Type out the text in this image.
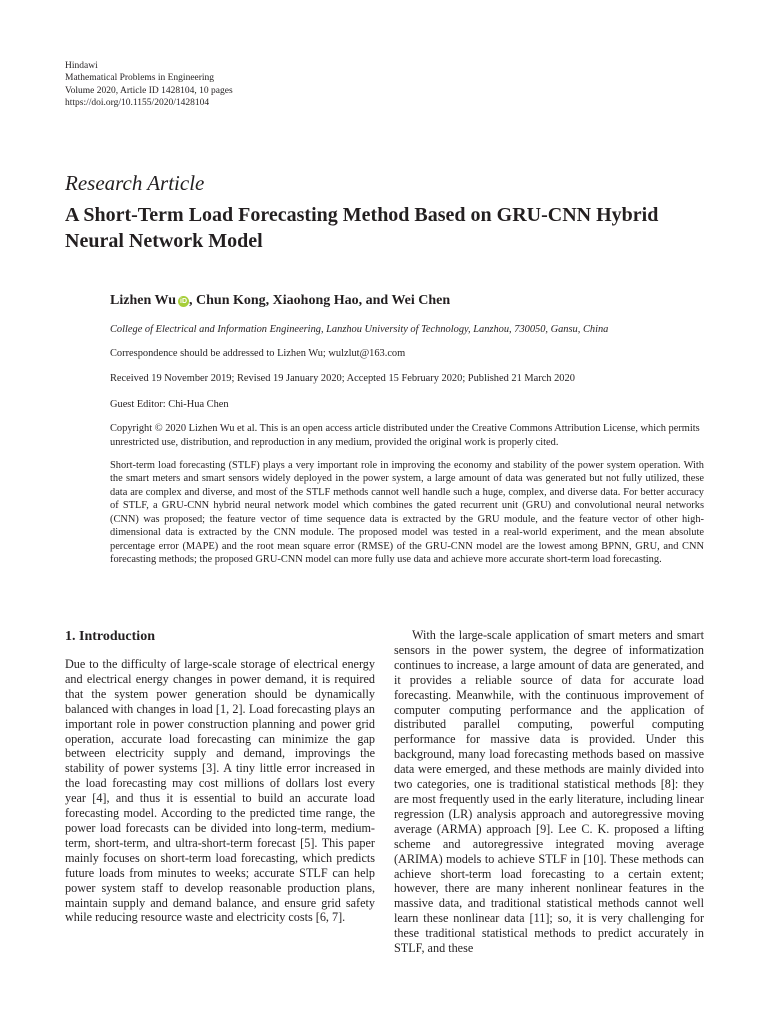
Hindawi
Mathematical Problems in Engineering
Volume 2020, Article ID 1428104, 10 pages
https://doi.org/10.1155/2020/1428104
Research Article
A Short-Term Load Forecasting Method Based on GRU-CNN Hybrid Neural Network Model
Lizhen Wu iD , Chun Kong, Xiaohong Hao, and Wei Chen
College of Electrical and Information Engineering, Lanzhou University of Technology, Lanzhou, 730050, Gansu, China
Correspondence should be addressed to Lizhen Wu; wulzlut@163.com
Received 19 November 2019; Revised 19 January 2020; Accepted 15 February 2020; Published 21 March 2020
Guest Editor: Chi-Hua Chen
Copyright © 2020 Lizhen Wu et al. This is an open access article distributed under the Creative Commons Attribution License, which permits unrestricted use, distribution, and reproduction in any medium, provided the original work is properly cited.
Short-term load forecasting (STLF) plays a very important role in improving the economy and stability of the power system operation. With the smart meters and smart sensors widely deployed in the power system, a large amount of data was generated but not fully utilized, these data are complex and diverse, and most of the STLF methods cannot well handle such a huge, complex, and diverse data. For better accuracy of STLF, a GRU-CNN hybrid neural network model which combines the gated recurrent unit (GRU) and convolutional neural networks (CNN) was proposed; the feature vector of time sequence data is extracted by the GRU module, and the feature vector of other high-dimensional data is extracted by the CNN module. The proposed model was tested in a real-world experiment, and the mean absolute percentage error (MAPE) and the root mean square error (RMSE) of the GRU-CNN model are the lowest among BPNN, GRU, and CNN forecasting methods; the proposed GRU-CNN model can more fully use data and achieve more accurate short-term load forecasting.
1. Introduction
Due to the difficulty of large-scale storage of electrical energy and electrical energy changes in power demand, it is required that the system power generation should be dynamically balanced with changes in load [1, 2]. Load forecasting plays an important role in power construction planning and power grid operation, accurate load forecasting can minimize the gap between electricity supply and demand, improvings the stability of power systems [3]. A tiny little error increased in the load forecasting may cost millions of dollars lost every year [4], and thus it is essential to build an accurate load forecasting model. According to the predicted time range, the power load forecasts can be divided into long-term, medium-term, short-term, and ultra-short-term forecast [5]. This paper mainly focuses on short-term load forecasting, which predicts future loads from minutes to weeks; accurate STLF can help power system staff to develop reasonable production plans, maintain supply and demand balance, and ensure grid safety while reducing resource waste and electricity costs [6, 7].
With the large-scale application of smart meters and smart sensors in the power system, the degree of informatization continues to increase, a large amount of data are generated, and it provides a reliable source of data for accurate load forecasting. Meanwhile, with the continuous improvement of computer computing performance and the application of distributed parallel computing, powerful computing performance for massive data is provided. Under this background, many load forecasting methods based on massive data were emerged, and these methods are mainly divided into two categories, one is traditional statistical methods [8]: they are most frequently used in the early literature, including linear regression (LR) analysis approach and autoregressive moving average (ARMA) approach [9]. Lee C. K. proposed a lifting scheme and autoregressive integrated moving average (ARIMA) models to achieve STLF in [10]. These methods can achieve short-term load forecasting to a certain extent; however, there are many inherent nonlinear features in the massive data, and traditional statistical methods cannot well learn these nonlinear data [11]; so, it is very challenging for these traditional statistical methods to predict accurately in STLF, and these
